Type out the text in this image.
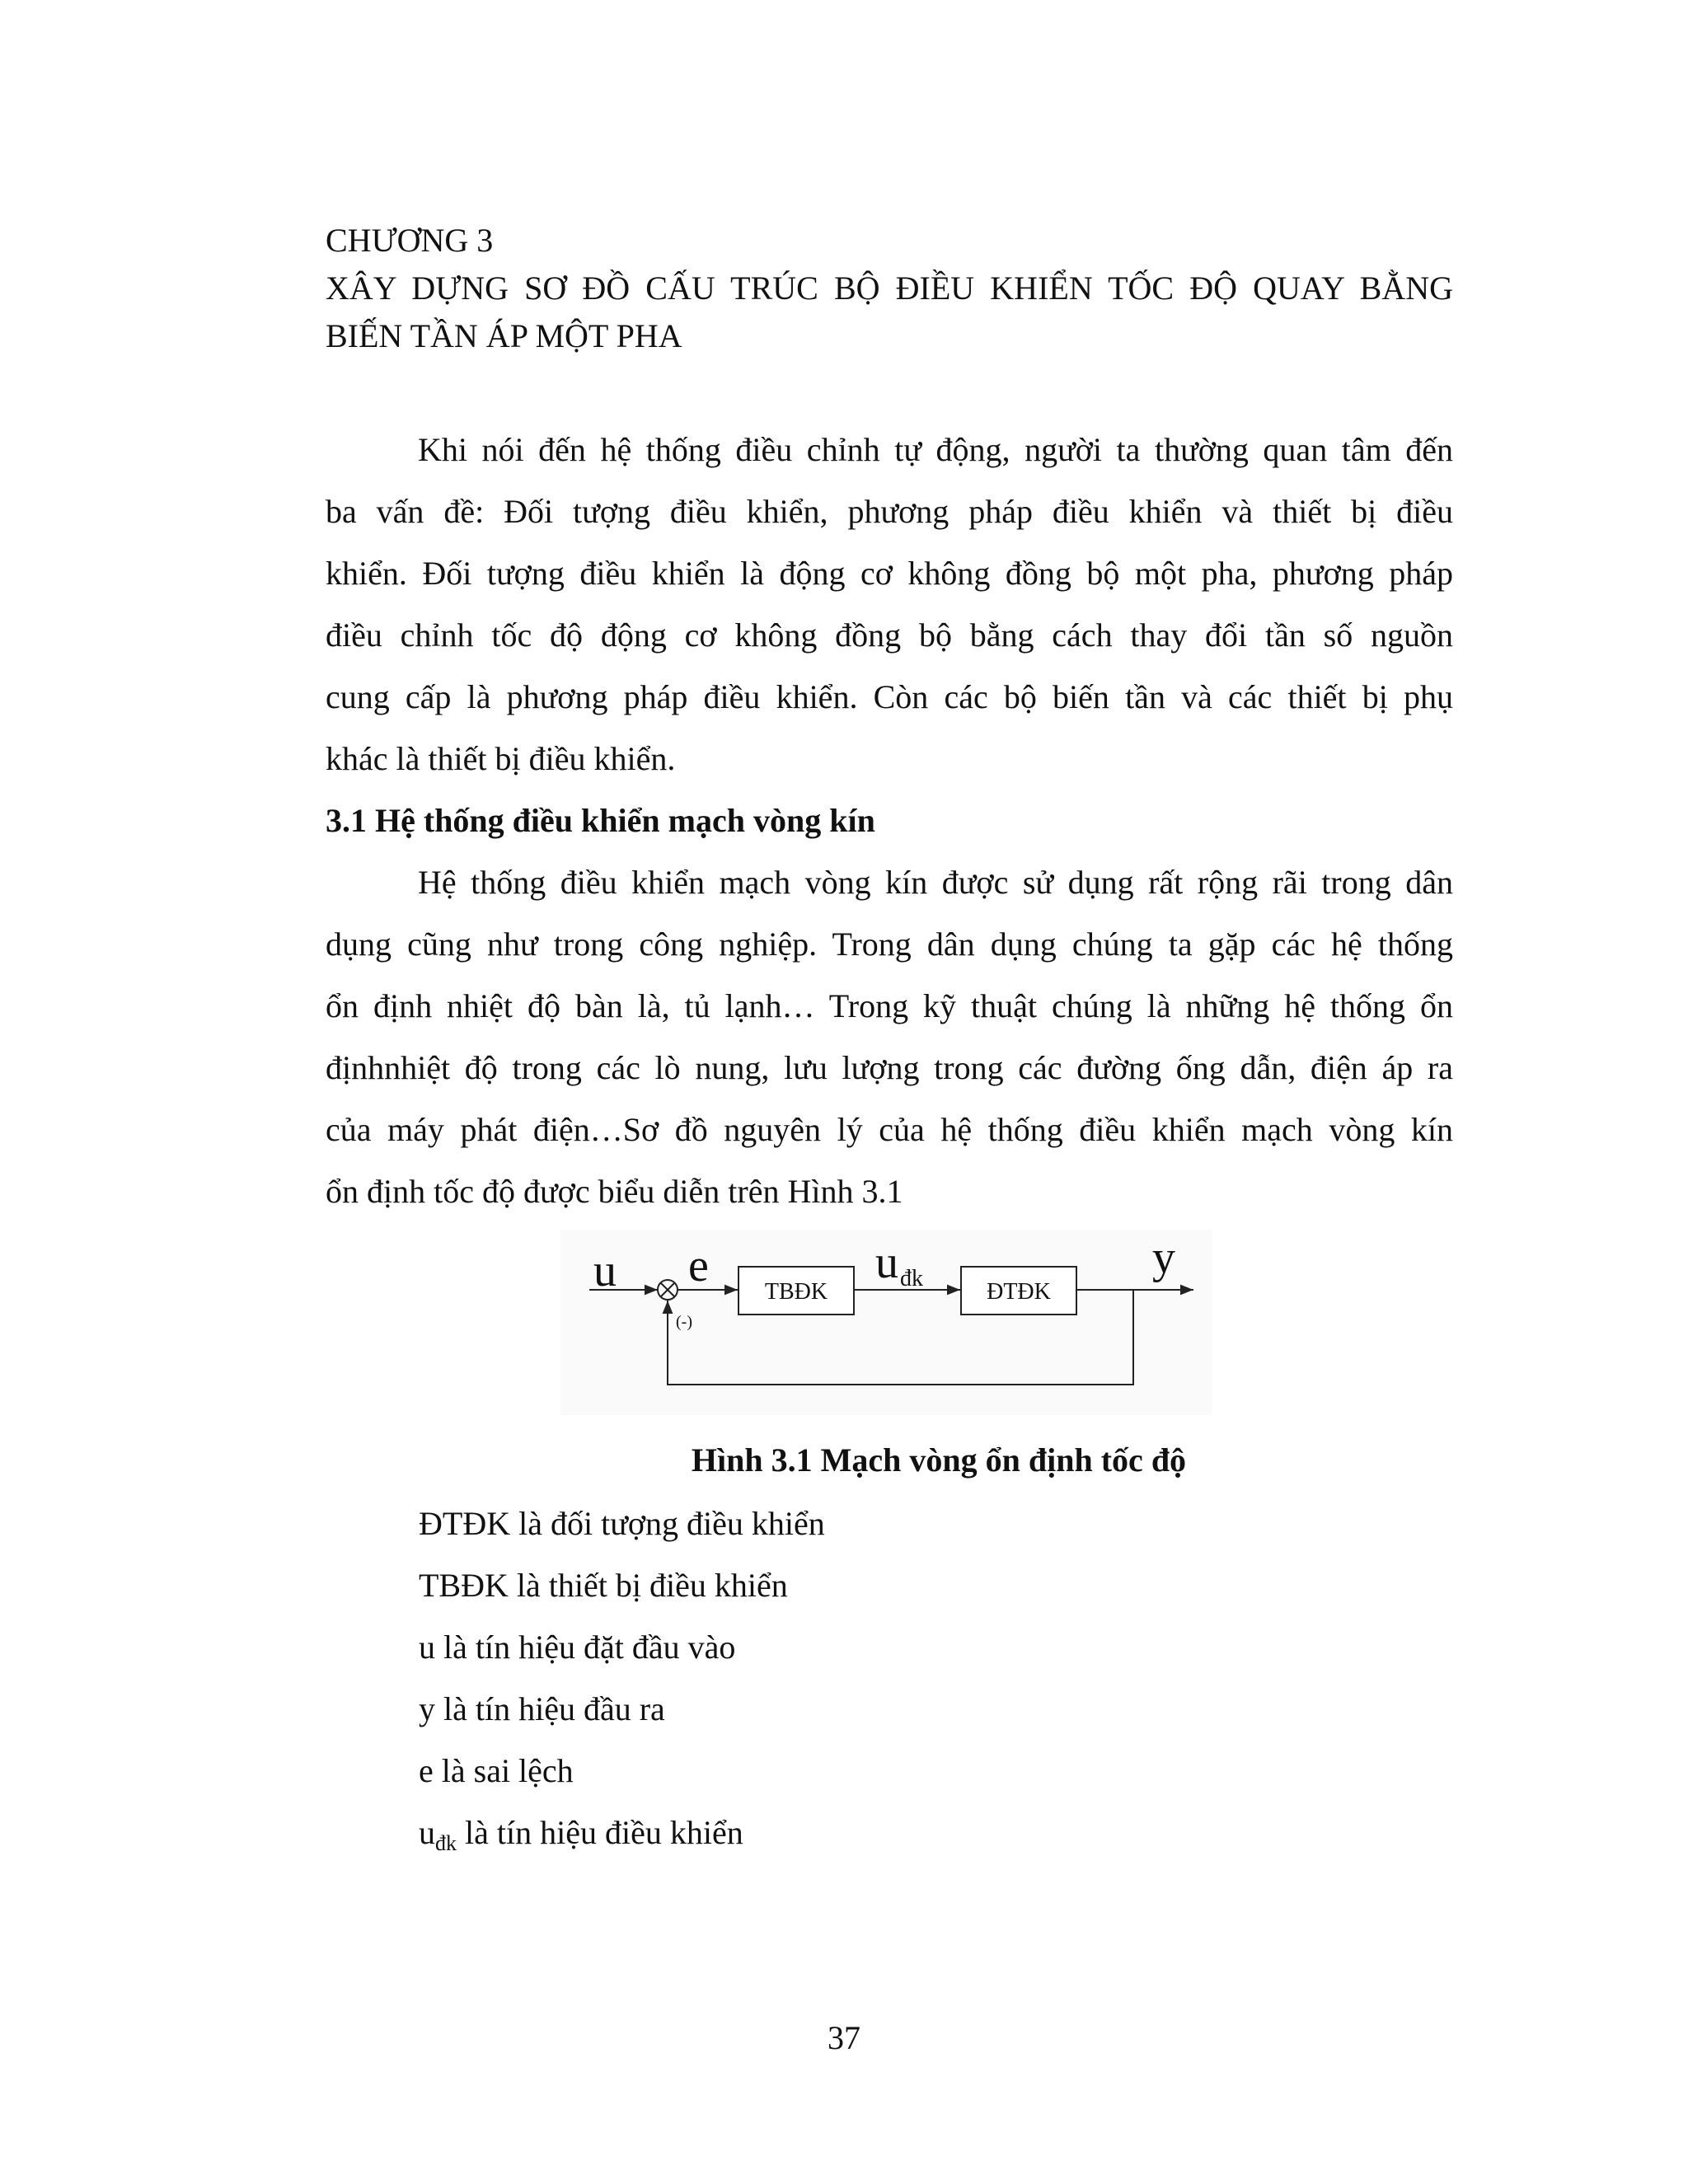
CHƯƠNG 3
XÂY DỰNG SƠ ĐỒ CẤU TRÚC BỘ ĐIỀU KHIỂN TỐC ĐỘ QUAY BẰNG
BIẾN TẦN ÁP MỘT PHA
Khi nói đến hệ thống điều chỉnh tự động, người ta thường quan tâm đến
ba vấn đề: Đối tượng điều khiển, phương pháp điều khiển và thiết bị điều
khiển. Đối tượng điều khiển là động cơ không đồng bộ một pha, phương pháp
điều chỉnh tốc độ động cơ không đồng bộ bằng cách thay đổi tần số nguồn
cung cấp là phương pháp điều khiển. Còn các bộ biến tần và các thiết bị phụ
khác là thiết bị điều khiển.
3.1 Hệ thống điều khiển mạch vòng kín
Hệ thống điều khiển mạch vòng kín được sử dụng rất rộng rãi trong dân
dụng cũng như trong công nghiệp. Trong dân dụng chúng ta gặp các hệ thống
ổn định nhiệt độ bàn là, tủ lạnh… Trong kỹ thuật chúng là những hệ thống ổn
địnhnhiệt độ trong các lò nung, lưu lượng trong các đường ống dẫn, điện áp ra
của máy phát điện…Sơ đồ nguyên lý của hệ thống điều khiển mạch vòng kín
ổn định tốc độ được biểu diễn trên Hình 3.1
u e
TBĐK
u đk
ĐTĐK
y
(-)
Hình 3.1 Mạch vòng ổn định tốc độ
ĐTĐK là đối tượng điều khiển
TBĐK là thiết bị điều khiển
u là tín hiệu đặt đầu vào
y là tín hiệu đầu ra
e là sai lệch
$u_{đk}$ là tín hiệu điều khiển
37
